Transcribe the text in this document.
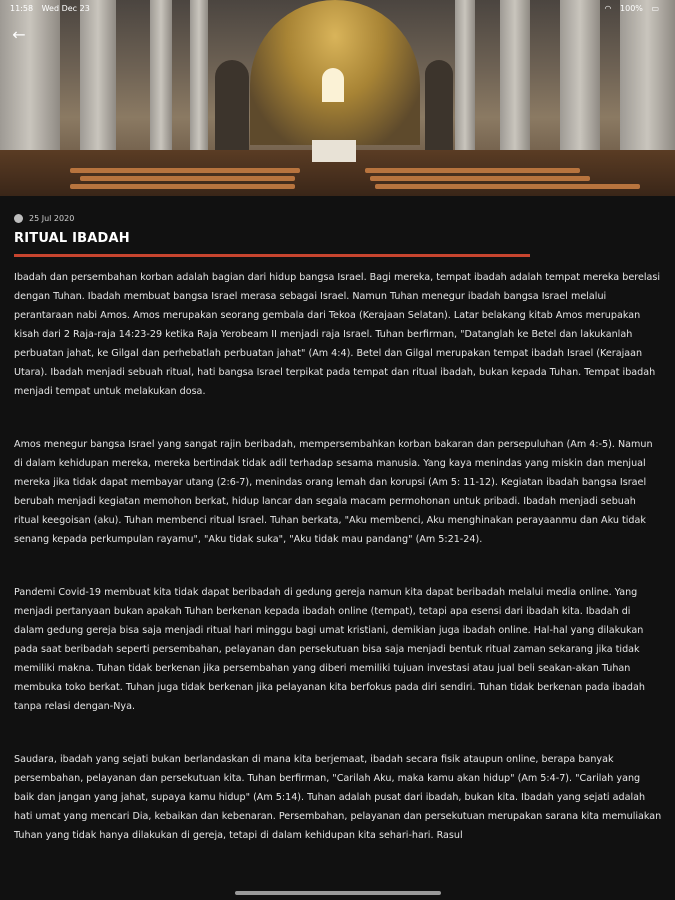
11:58 Wed Dec 23	◠ 100% ▭
←
25 Jul 2020
RITUAL IBADAH

Ibadah dan persembahan korban adalah bagian dari hidup bangsa Israel. Bagi mereka, tempat ibadah adalah tempat mereka berelasi dengan Tuhan. Ibadah membuat bangsa Israel merasa sebagai Israel. Namun Tuhan menegur ibadah bangsa Israel melalui perantaraan nabi Amos. Amos merupakan seorang gembala dari Tekoa (Kerajaan Selatan). Latar belakang kitab Amos merupakan kisah dari 2 Raja-raja 14:23-29 ketika Raja Yerobeam II menjadi raja Israel. Tuhan berfirman, "Datanglah ke Betel dan lakukanlah perbuatan jahat, ke Gilgal dan perhebatlah perbuatan jahat" (Am 4:4). Betel dan Gilgal merupakan tempat ibadah Israel (Kerajaan Utara). Ibadah menjadi sebuah ritual, hati bangsa Israel terpikat pada tempat dan ritual ibadah, bukan kepada Tuhan. Tempat ibadah menjadi tempat untuk melakukan dosa.

Amos menegur bangsa Israel yang sangat rajin beribadah, mempersembahkan korban bakaran dan persepuluhan (Am 4:-5). Namun di dalam kehidupan mereka, mereka bertindak tidak adil terhadap sesama manusia. Yang kaya menindas yang miskin dan menjual mereka jika tidak dapat membayar utang (2:6-7), menindas orang lemah dan korupsi (Am 5: 11-12). Kegiatan ibadah bangsa Israel berubah menjadi kegiatan memohon berkat, hidup lancar dan segala macam permohonan untuk pribadi. Ibadah menjadi sebuah ritual keegoisan (aku). Tuhan membenci ritual Israel. Tuhan berkata, "Aku membenci, Aku menghinakan perayaanmu dan Aku tidak senang kepada perkumpulan rayamu", "Aku tidak suka", "Aku tidak mau pandang" (Am 5:21-24).

Pandemi Covid-19 membuat kita tidak dapat beribadah di gedung gereja namun kita dapat beribadah melalui media online. Yang menjadi pertanyaan bukan apakah Tuhan berkenan kepada ibadah online (tempat), tetapi apa esensi dari ibadah kita. Ibadah di dalam gedung gereja bisa saja menjadi ritual hari minggu bagi umat kristiani, demikian juga ibadah online. Hal-hal yang dilakukan pada saat beribadah seperti persembahan, pelayanan dan persekutuan bisa saja menjadi bentuk ritual zaman sekarang jika tidak memiliki makna. Tuhan tidak berkenan jika persembahan yang diberi memiliki tujuan investasi atau jual beli seakan-akan Tuhan membuka toko berkat. Tuhan juga tidak berkenan jika pelayanan kita berfokus pada diri sendiri. Tuhan tidak berkenan pada ibadah tanpa relasi dengan-Nya.

Saudara, ibadah yang sejati bukan berlandaskan di mana kita berjemaat, ibadah secara fisik ataupun online, berapa banyak persembahan, pelayanan dan persekutuan kita. Tuhan berfirman, "Carilah Aku, maka kamu akan hidup" (Am 5:4-7). "Carilah yang baik dan jangan yang jahat, supaya kamu hidup" (Am 5:14). Tuhan adalah pusat dari ibadah, bukan kita. Ibadah yang sejati adalah hati umat yang mencari Dia, kebaikan dan kebenaran. Persembahan, pelayanan dan persekutuan merupakan sarana kita memuliakan Tuhan yang tidak hanya dilakukan di gereja, tetapi di dalam kehidupan kita sehari-hari. Rasul
